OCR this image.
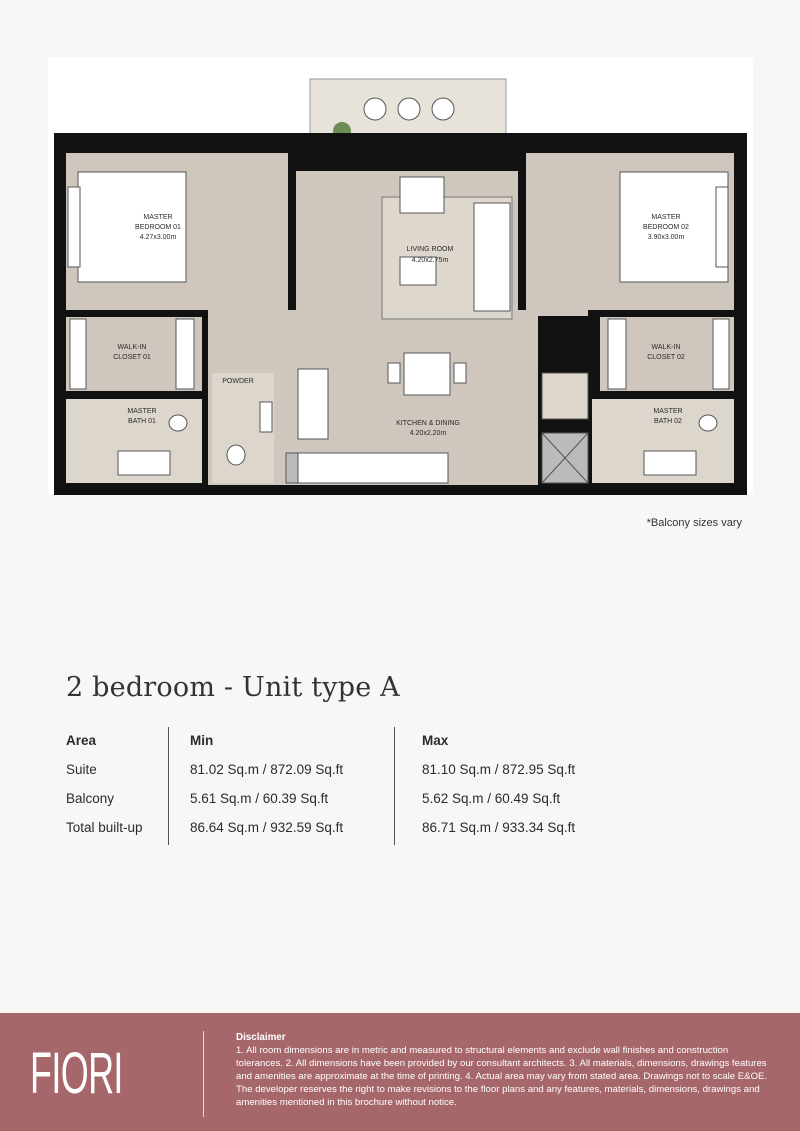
MASTER
BEDROOM 01
4.27x3.00m
LIVING ROOM
4.20x2.75m
MASTER
BEDROOM 02
3.90x3.00m
WALK-IN
CLOSET 01
WALK-IN
CLOSET 02
POWDER
KITCHEN & DINING
4.20x2.20m
MASTER
BATH 01
MASTER
BATH 02
*Balcony sizes vary
2 bedroom - Unit type A
Area
Suite
Balcony
Total built-up
Min
81.02 Sq.m / 872.09 Sq.ft
5.61 Sq.m / 60.39 Sq.ft
86.64 Sq.m / 932.59 Sq.ft
Max
81.10 Sq.m / 872.95 Sq.ft
5.62 Sq.m / 60.49 Sq.ft
86.71 Sq.m / 933.34 Sq.ft
FIORI
Disclaimer
1. All room dimensions are in metric and measured to structural elements and exclude wall finishes and construction tolerances. 2. All dimensions have been provided by our consultant architects. 3. All materials, dimensions, drawings features and amenities are approximate at the time of printing. 4. Actual area may vary from stated area. Drawings not to scale E&OE. The developer reserves the right to make revisions to the floor plans and any features, materials, dimensions, drawings and amenities mentioned in this brochure without notice.
